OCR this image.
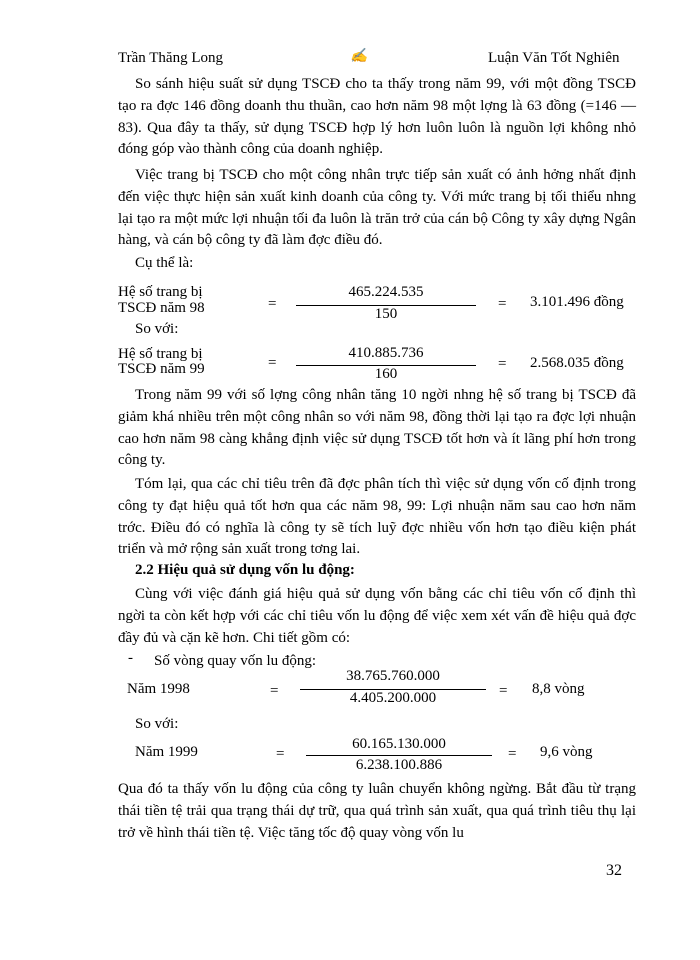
Trần Thăng Long	✍	Luận Văn Tốt Nghiên

So sánh hiệu suất sử dụng TSCĐ cho ta thấy trong năm 99, với một đồng TSCĐ tạo ra đợc 146 đồng doanh thu thuần, cao hơn năm 98 một lợng là 63 đồng (=146 — 83). Qua đây ta thấy, sử dụng TSCĐ hợp lý hơn luôn luôn là nguồn lợi không nhỏ đóng góp vào thành công của doanh nghiệp.

Việc trang bị TSCĐ cho một công nhân trực tiếp sản xuất có ảnh hởng nhất định đến việc thực hiện sản xuất kinh doanh của công ty. Với mức trang bị tối thiểu nhng lại tạo ra một mức lợi nhuận tối đa luôn là trăn trở của cán bộ Công ty xây dựng Ngân hàng, và cán bộ công ty đã làm đợc điều đó.

Cụ thể là:
Hệ số trang bị
TSCĐ năm 98	=
465.224.535
150
= 3.101.496 đồng
So với:
Hệ số trang bị
TSCĐ năm 99	=
410.885.736
160
= 2.568.035 đồng

Trong năm 99 với số lợng công nhân tăng 10 ngời nhng hệ số trang bị TSCĐ đã giảm khá nhiều trên một công nhân so với năm 98, đồng thời lại tạo ra đợc lợi nhuận cao hơn năm 98 càng khẳng định việc sử dụng TSCĐ tốt hơn và ít lãng phí hơn trong công ty.

Tóm lại, qua các chỉ tiêu trên đã đợc phân tích thì việc sử dụng vốn cố định trong công ty đạt hiệu quả tốt hơn qua các năm 98, 99: Lợi nhuận năm sau cao hơn năm trớc. Điều đó có nghĩa là công ty sẽ tích luỹ đợc nhiều vốn hơn tạo điều kiện phát triển và mở rộng sản xuất trong tơng lai.

2.2 Hiệu quả sử dụng vốn lu động:

Cùng với việc đánh giá hiệu quả sử dụng vốn bằng các chỉ tiêu vốn cố định thì ngời ta còn kết hợp với các chỉ tiêu vốn lu động để việc xem xét vấn đề hiệu quả đợc đầy đủ và cặn kẽ hơn. Chi tiết gồm có:

- Số vòng quay vốn lu động:
Năm 1998	=
38.765.760.000
4.405.200.000	= 8,8 vòng
So với:
Năm 1999	=
60.165.130.000
6.238.100.886
= 9,6 vòng

Qua đó ta thấy vốn lu động của công ty luân chuyển không ngừng. Bắt đầu từ trạng thái tiền tệ trải qua trạng thái dự trữ, qua quá trình sản xuất, qua quá trình tiêu thụ lại trở về hình thái tiền tệ. Việc tăng tốc độ quay vòng vốn lu

32
